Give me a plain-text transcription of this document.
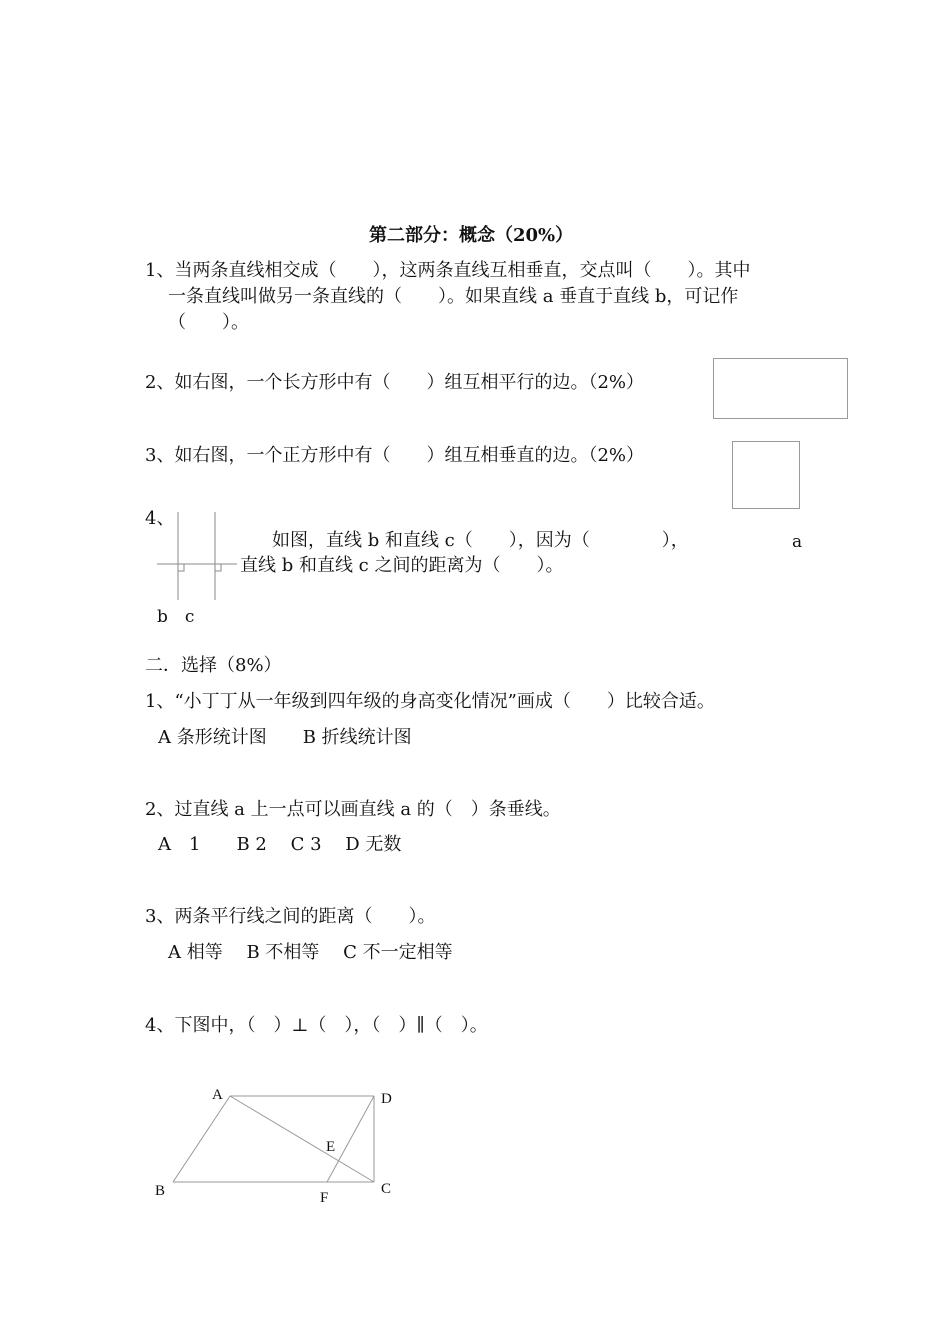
第二部分：概念（20%）
1、当两条直线相交成（　　），这两条直线互相垂直，交点叫（　　）。其中
一条直线叫做另一条直线的（　　）。如果直线 a 垂直于直线 b，可记作
（　　）。
2、如右图，一个长方形中有（　　）组互相平行的边。（2%）
3、如右图，一个正方形中有（　　）组互相垂直的边。（2%）
4、
如图，直线 b 和直线 c（　　），因为（　　　　），	a
直线 b 和直线 c 之间的距离为（　　）。
b　c
二．选择（8%）
1、“小丁丁从一年级到四年级的身高变化情况”画成（　　）比较合适。
A 条形统计图　　B 折线统计图
2、过直线 a 上一点可以画直线 a 的（　）条垂线。
A　1　　B 2　 C 3　 D 无数
3、两条平行线之间的距离（　　）。
A 相等　 B 不相等　 C 不一定相等
4、下图中，（　）⊥（　），（　）∥（　）。
A	D
E
B	C
F
